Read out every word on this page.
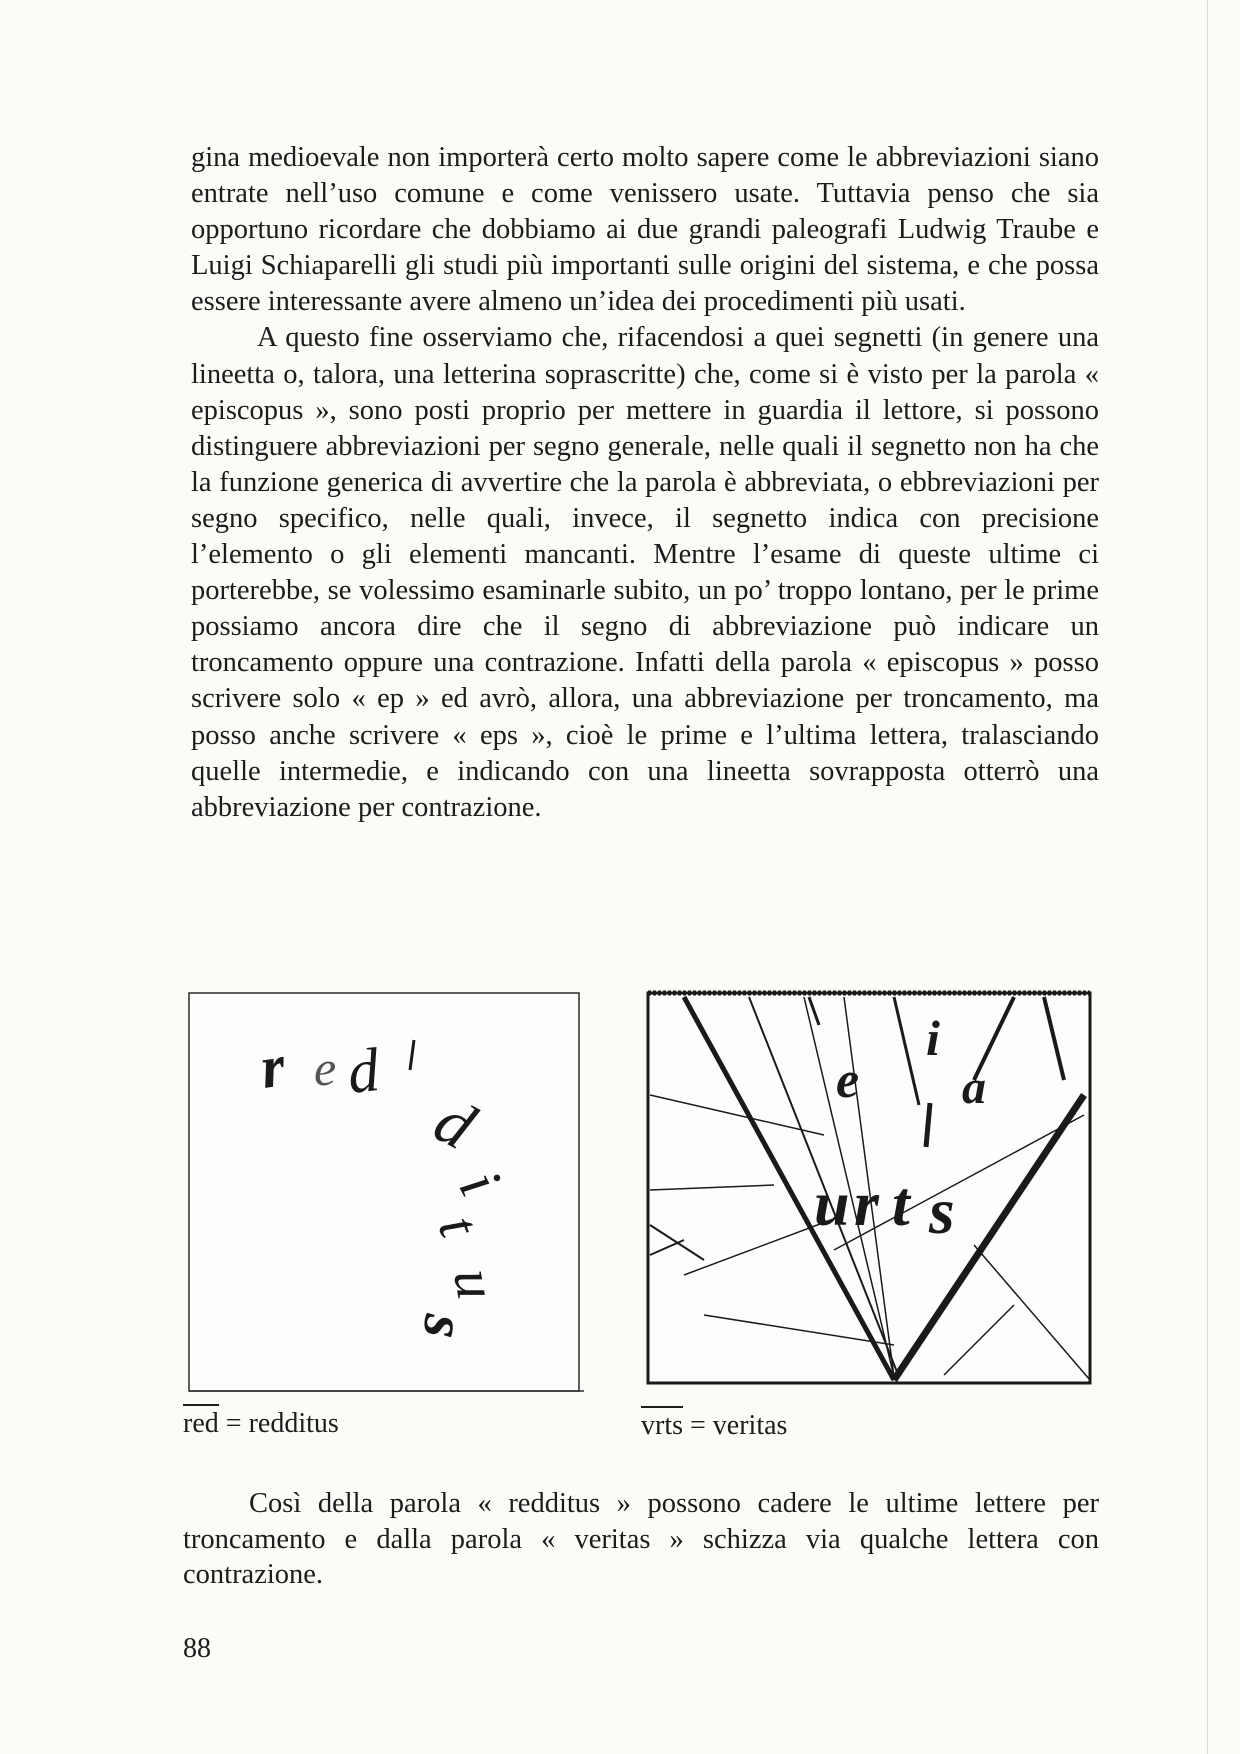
gina medioevale non importerà certo molto sapere come le abbreviazioni siano entrate nell’uso comune e come venissero usate. Tuttavia penso che sia opportuno ricordare che dobbiamo ai due grandi paleografi Ludwig Traube e Luigi Schiaparelli gli studi più importanti sulle origini del sistema, e che possa essere interessante avere almeno un’idea dei procedimenti più usati.

A questo fine osserviamo che, rifacendosi a quei segnetti (in genere una lineetta o, talora, una letterina soprascritte) che, come si è visto per la parola « episcopus », sono posti proprio per mettere in guardia il lettore, si possono distinguere abbreviazioni per segno generale, nelle quali il segnetto non ha che la funzione generica di avvertire che la parola è abbreviata, o ebbreviazioni per segno specifico, nelle quali, invece, il segnetto indica con precisione l’elemento o gli elementi mancanti. Mentre l’esame di queste ultime ci porterebbe, se volessimo esaminarle subito, un po’ troppo lontano, per le prime possiamo ancora dire che il segno di abbreviazione può indicare un troncamento oppure una contrazione. Infatti della parola « episcopus » posso scrivere solo « ep » ed avrò, allora, una abbreviazione per troncamento, ma posso anche scrivere « eps », cioè le prime e l’ultima lettera, tralasciando quelle intermedie, e indicando con una lineetta sovrapposta otterrò una abbreviazione per contrazione.

r e d
d
i
t
u
s
e
i
a
u r t s
red = redditus	vrts = veritas

Così della parola « redditus » possono cadere le ultime lettere per troncamento e dalla parola « veritas » schizza via qualche lettera con contrazione.

88
